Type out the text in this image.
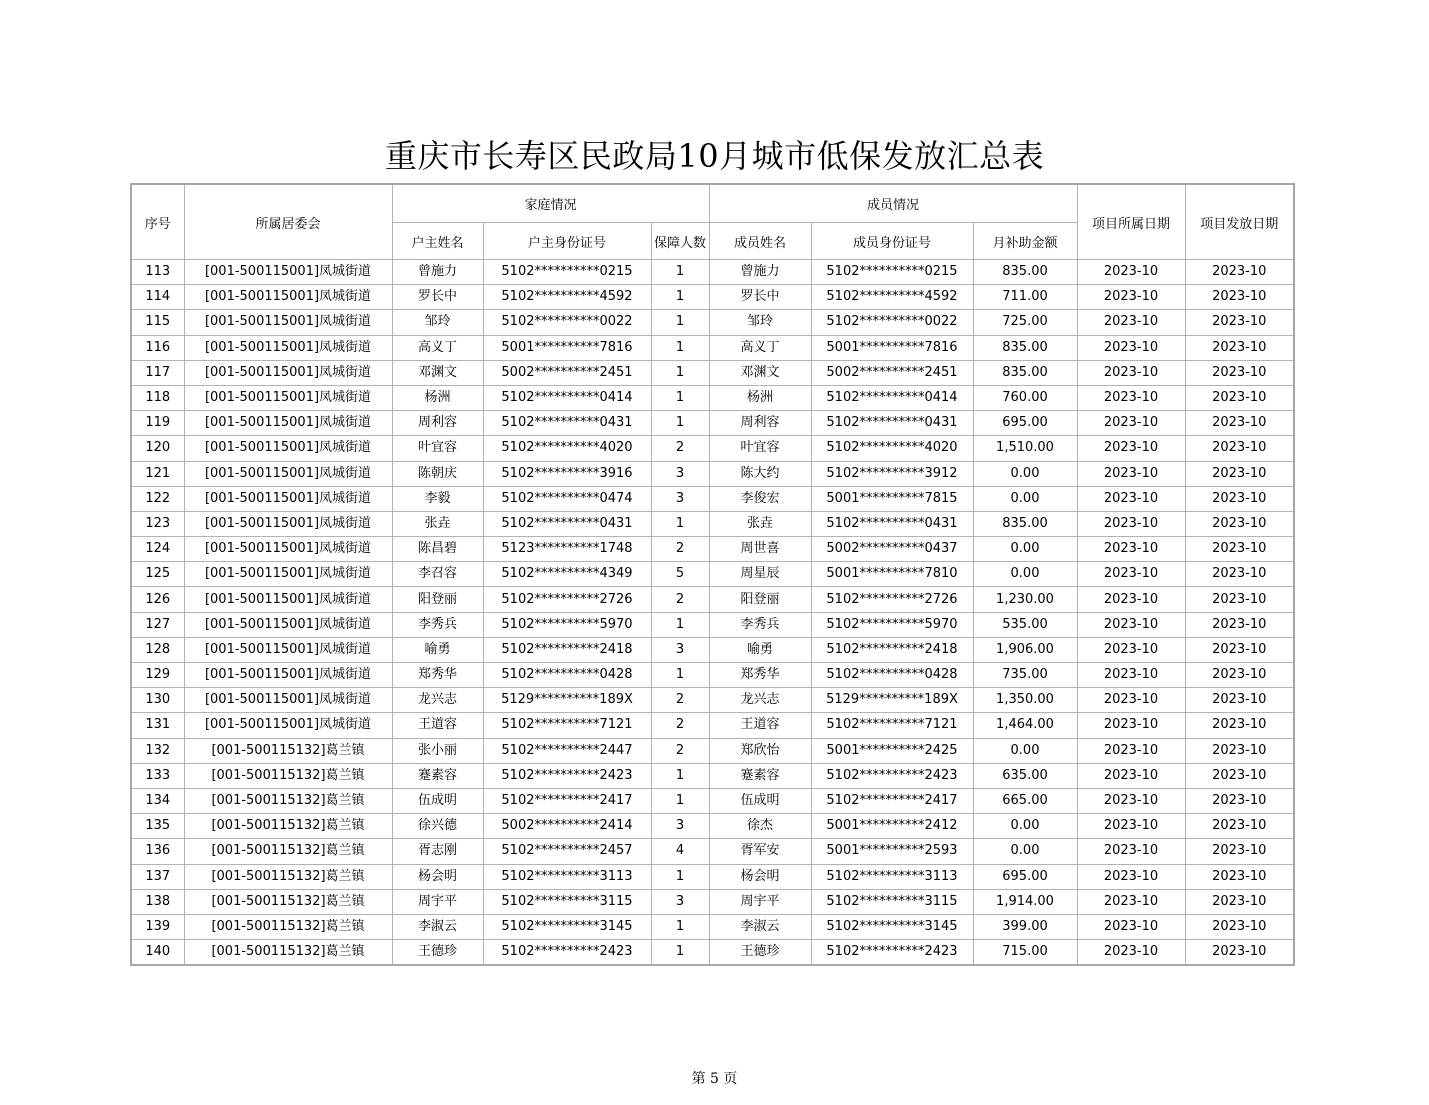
重庆市长寿区民政局10月城市低保发放汇总表
序号	所属居委会	家庭情况			成员情况			项目所属日期	项目发放日期
		户主姓名	户主身份证号	保障人数	成员姓名	成员身份证号	月补助金额		
113	[001-500115001]凤城街道	曾施力	5102**********0215	1	曾施力	5102**********0215	835.00	2023-10	2023-10
114	[001-500115001]凤城街道	罗长中	5102**********4592	1	罗长中	5102**********4592	711.00	2023-10	2023-10
115	[001-500115001]凤城街道	邹玲	5102**********0022	1	邹玲	5102**********0022	725.00	2023-10	2023-10
116	[001-500115001]凤城街道	高义丁	5001**********7816	1	高义丁	5001**********7816	835.00	2023-10	2023-10
117	[001-500115001]凤城街道	邓渊文	5002**********2451	1	邓渊文	5002**********2451	835.00	2023-10	2023-10
118	[001-500115001]凤城街道	杨洲	5102**********0414	1	杨洲	5102**********0414	760.00	2023-10	2023-10
119	[001-500115001]凤城街道	周利容	5102**********0431	1	周利容	5102**********0431	695.00	2023-10	2023-10
120	[001-500115001]凤城街道	叶宜容	5102**********4020	2	叶宜容	5102**********4020	1,510.00	2023-10	2023-10
121	[001-500115001]凤城街道	陈朝庆	5102**********3916	3	陈大约	5102**********3912	0.00	2023-10	2023-10
122	[001-500115001]凤城街道	李毅	5102**********0474	3	李俊宏	5001**********7815	0.00	2023-10	2023-10
123	[001-500115001]凤城街道	张垚	5102**********0431	1	张垚	5102**********0431	835.00	2023-10	2023-10
124	[001-500115001]凤城街道	陈昌碧	5123**********1748	2	周世喜	5002**********0437	0.00	2023-10	2023-10
125	[001-500115001]凤城街道	李召容	5102**********4349	5	周星辰	5001**********7810	0.00	2023-10	2023-10
126	[001-500115001]凤城街道	阳登丽	5102**********2726	2	阳登丽	5102**********2726	1,230.00	2023-10	2023-10
127	[001-500115001]凤城街道	李秀兵	5102**********5970	1	李秀兵	5102**********5970	535.00	2023-10	2023-10
128	[001-500115001]凤城街道	喻勇	5102**********2418	3	喻勇	5102**********2418	1,906.00	2023-10	2023-10
129	[001-500115001]凤城街道	郑秀华	5102**********0428	1	郑秀华	5102**********0428	735.00	2023-10	2023-10
130	[001-500115001]凤城街道	龙兴志	5129**********189X	2	龙兴志	5129**********189X	1,350.00	2023-10	2023-10
131	[001-500115001]凤城街道	王道容	5102**********7121	2	王道容	5102**********7121	1,464.00	2023-10	2023-10
132	[001-500115132]葛兰镇	张小丽	5102**********2447	2	郑欣怡	5001**********2425	0.00	2023-10	2023-10
133	[001-500115132]葛兰镇	蹇素容	5102**********2423	1	蹇素容	5102**********2423	635.00	2023-10	2023-10
134	[001-500115132]葛兰镇	伍成明	5102**********2417	1	伍成明	5102**********2417	665.00	2023-10	2023-10
135	[001-500115132]葛兰镇	徐兴德	5002**********2414	3	徐杰	5001**********2412	0.00	2023-10	2023-10
136	[001-500115132]葛兰镇	胥志刚	5102**********2457	4	胥军安	5001**********2593	0.00	2023-10	2023-10
137	[001-500115132]葛兰镇	杨会明	5102**********3113	1	杨会明	5102**********3113	695.00	2023-10	2023-10
138	[001-500115132]葛兰镇	周宇平	5102**********3115	3	周宇平	5102**********3115	1,914.00	2023-10	2023-10
139	[001-500115132]葛兰镇	李淑云	5102**********3145	1	李淑云	5102**********3145	399.00	2023-10	2023-10
140	[001-500115132]葛兰镇	王德珍	5102**********2423	1	王德珍	5102**********2423	715.00	2023-10	2023-10
第 5 页
